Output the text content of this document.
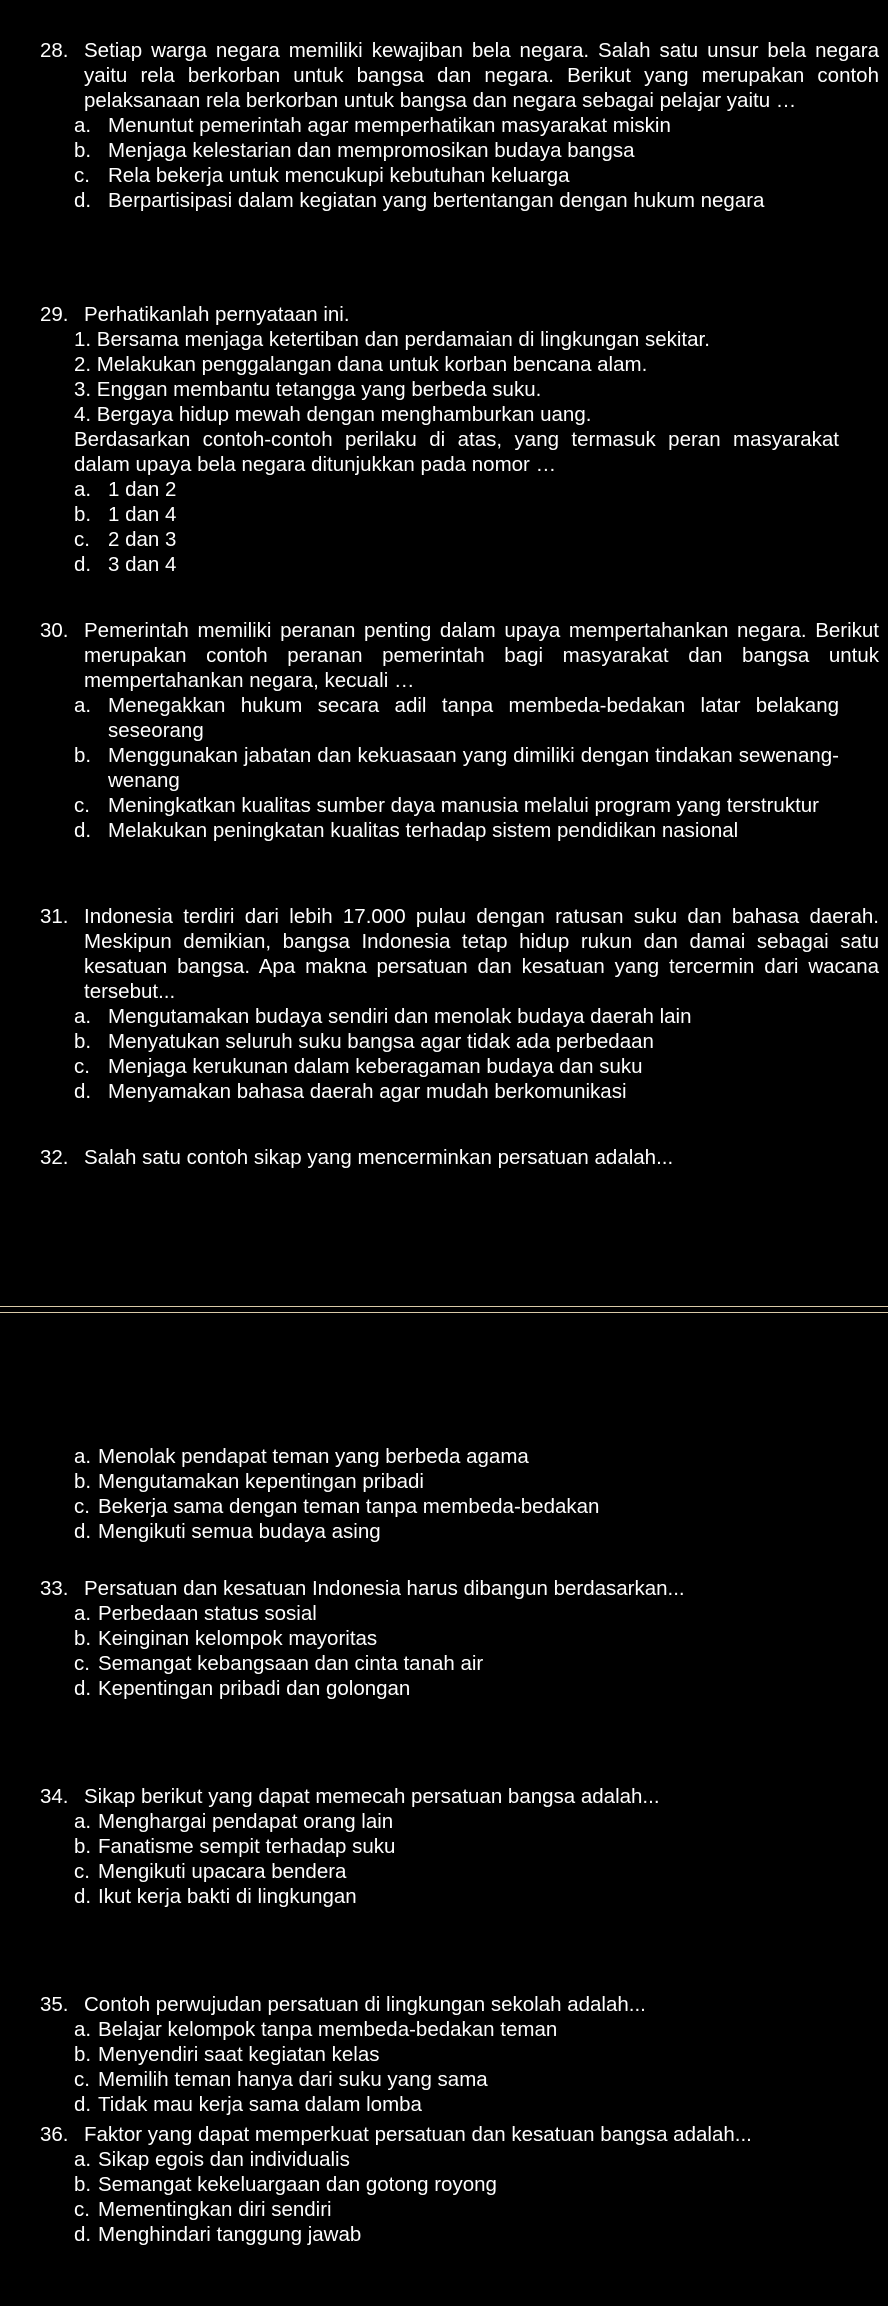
28. Setiap warga negara memiliki kewajiban bela negara. Salah satu unsur bela negara yaitu rela berkorban untuk bangsa dan negara. Berikut yang merupakan contoh pelaksanaan rela berkorban untuk bangsa dan negara sebagai pelajar yaitu …
a. Menuntut pemerintah agar memperhatikan masyarakat miskin
b. Menjaga kelestarian dan mempromosikan budaya bangsa
c. Rela bekerja untuk mencukupi kebutuhan keluarga
d. Berpartisipasi dalam kegiatan yang bertentangan dengan hukum negara
29. Perhatikanlah pernyataan ini.
1. Bersama menjaga ketertiban dan perdamaian di lingkungan sekitar.
2. Melakukan penggalangan dana untuk korban bencana alam.
3. Enggan membantu tetangga yang berbeda suku.
4. Bergaya hidup mewah dengan menghamburkan uang.
Berdasarkan contoh-contoh perilaku di atas, yang termasuk peran masyarakat dalam upaya bela negara ditunjukkan pada nomor …
a. 1 dan 2
b. 1 dan 4
c. 2 dan 3
d. 3 dan 4
30. Pemerintah memiliki peranan penting dalam upaya mempertahankan negara. Berikut merupakan contoh peranan pemerintah bagi masyarakat dan bangsa untuk mempertahankan negara, kecuali …
a. Menegakkan hukum secara adil tanpa membeda-bedakan latar belakang seseorang
b. Menggunakan jabatan dan kekuasaan yang dimiliki dengan tindakan sewenang-wenang
c. Meningkatkan kualitas sumber daya manusia melalui program yang terstruktur
d. Melakukan peningkatan kualitas terhadap sistem pendidikan nasional
31. Indonesia terdiri dari lebih 17.000 pulau dengan ratusan suku dan bahasa daerah. Meskipun demikian, bangsa Indonesia tetap hidup rukun dan damai sebagai satu kesatuan bangsa. Apa makna persatuan dan kesatuan yang tercermin dari wacana tersebut...
a. Mengutamakan budaya sendiri dan menolak budaya daerah lain
b. Menyatukan seluruh suku bangsa agar tidak ada perbedaan
c. Menjaga kerukunan dalam keberagaman budaya dan suku
d. Menyamakan bahasa daerah agar mudah berkomunikasi
32. Salah satu contoh sikap yang mencerminkan persatuan adalah...
a. Menolak pendapat teman yang berbeda agama
b. Mengutamakan kepentingan pribadi
c. Bekerja sama dengan teman tanpa membeda-bedakan
d. Mengikuti semua budaya asing
33. Persatuan dan kesatuan Indonesia harus dibangun berdasarkan...
a. Perbedaan status sosial
b. Keinginan kelompok mayoritas
c. Semangat kebangsaan dan cinta tanah air
d. Kepentingan pribadi dan golongan
34. Sikap berikut yang dapat memecah persatuan bangsa adalah...
a. Menghargai pendapat orang lain
b. Fanatisme sempit terhadap suku
c. Mengikuti upacara bendera
d. Ikut kerja bakti di lingkungan
35. Contoh perwujudan persatuan di lingkungan sekolah adalah...
a. Belajar kelompok tanpa membeda-bedakan teman
b. Menyendiri saat kegiatan kelas
c. Memilih teman hanya dari suku yang sama
d. Tidak mau kerja sama dalam lomba
36. Faktor yang dapat memperkuat persatuan dan kesatuan bangsa adalah...
a. Sikap egois dan individualis
b. Semangat kekeluargaan dan gotong royong
c. Mementingkan diri sendiri
d. Menghindari tanggung jawab
